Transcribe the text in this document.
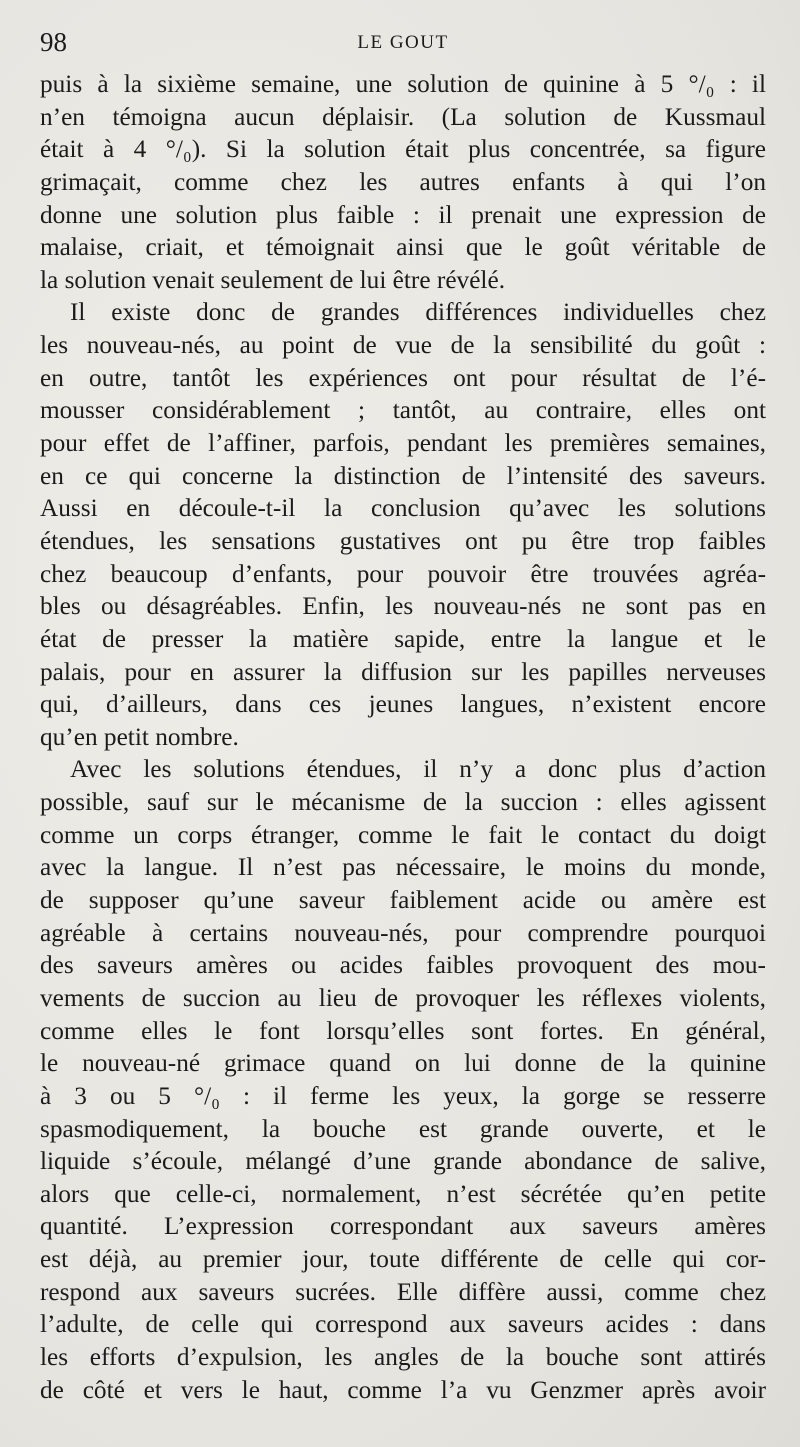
98	LE GOUT
puis à la sixième semaine, une solution de quinine à 5 °/₀ : il
n’en témoigna aucun déplaisir. (La solution de Kussmaul
était à 4 °/₀). Si la solution était plus concentrée, sa figure
grimaçait, comme chez les autres enfants à qui l’on
donne une solution plus faible : il prenait une expression de
malaise, criait, et témoignait ainsi que le goût véritable de
la solution venait seulement de lui être révélé.
Il existe donc de grandes différences individuelles chez
les nouveau-nés, au point de vue de la sensibilité du goût :
en outre, tantôt les expériences ont pour résultat de l’é-
mousser considérablement ; tantôt, au contraire, elles ont
pour effet de l’affiner, parfois, pendant les premières semaines,
en ce qui concerne la distinction de l’intensité des saveurs.
Aussi en découle-t-il la conclusion qu’avec les solutions
étendues, les sensations gustatives ont pu être trop faibles
chez beaucoup d’enfants, pour pouvoir être trouvées agréa-
bles ou désagréables. Enfin, les nouveau-nés ne sont pas en
état de presser la matière sapide, entre la langue et le
palais, pour en assurer la diffusion sur les papilles nerveuses
qui, d’ailleurs, dans ces jeunes langues, n’existent encore
qu’en petit nombre.
Avec les solutions étendues, il n’y a donc plus d’action
possible, sauf sur le mécanisme de la succion : elles agissent
comme un corps étranger, comme le fait le contact du doigt
avec la langue. Il n’est pas nécessaire, le moins du monde,
de supposer qu’une saveur faiblement acide ou amère est
agréable à certains nouveau-nés, pour comprendre pourquoi
des saveurs amères ou acides faibles provoquent des mou-
vements de succion au lieu de provoquer les réflexes violents,
comme elles le font lorsqu’elles sont fortes. En général,
le nouveau-né grimace quand on lui donne de la quinine
à 3 ou 5 °/₀ : il ferme les yeux, la gorge se resserre
spasmodiquement, la bouche est grande ouverte, et le
liquide s’écoule, mélangé d’une grande abondance de salive,
alors que celle-ci, normalement, n’est sécrétée qu’en petite
quantité. L’expression correspondant aux saveurs amères
est déjà, au premier jour, toute différente de celle qui cor-
respond aux saveurs sucrées. Elle diffère aussi, comme chez
l’adulte, de celle qui correspond aux saveurs acides : dans
les efforts d’expulsion, les angles de la bouche sont attirés
de côté et vers le haut, comme l’a vu Genzmer après avoir
